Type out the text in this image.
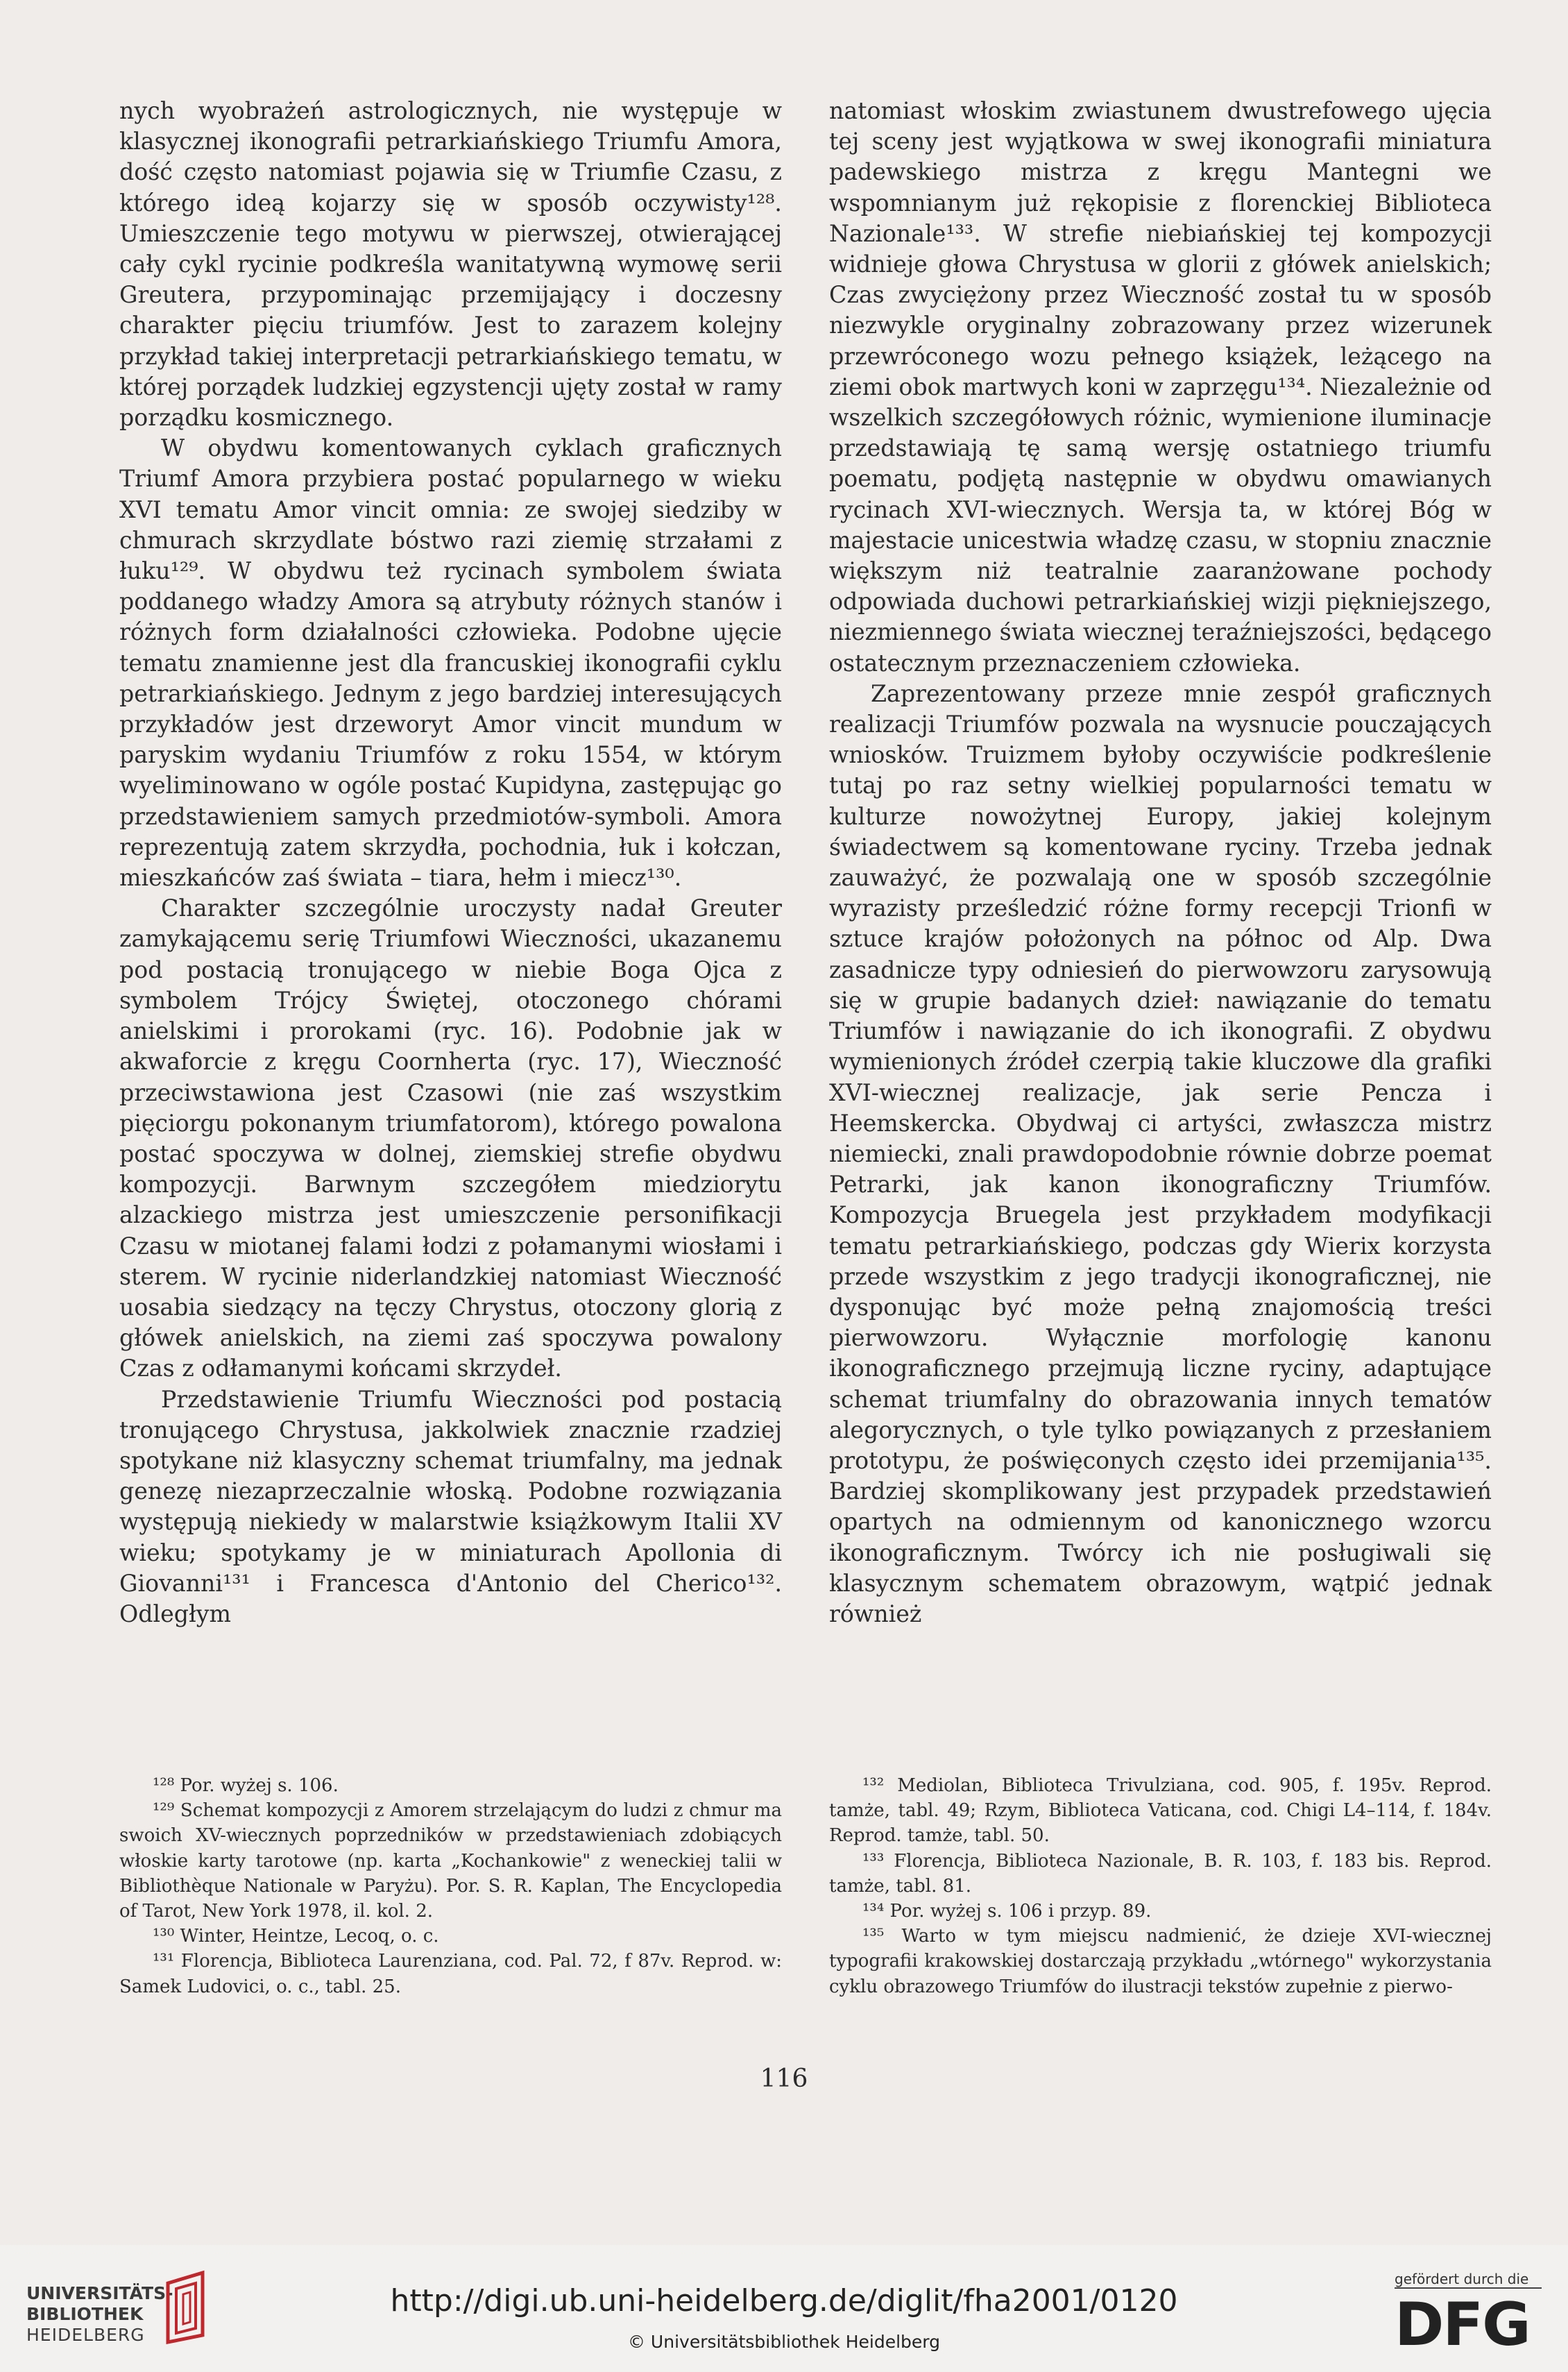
nych wyobrażeń astrologicznych, nie występuje w klasycznej ikonografii petrarkiańskiego Triumfu Amora, dość często natomiast pojawia się w Triumfie Czasu, z którego ideą kojarzy się w sposób oczywisty¹²⁸. Umieszczenie tego motywu w pierwszej, otwierającej cały cykl rycinie podkreśla wanitatywną wymowę serii Greutera, przypominając przemijający i doczesny charakter pięciu triumfów. Jest to zarazem kolejny przykład takiej interpretacji petrarkiańskiego tematu, w której porządek ludzkiej egzystencji ujęty został w ramy porządku kosmicznego.

W obydwu komentowanych cyklach graficznych Triumf Amora przybiera postać popularnego w wieku XVI tematu Amor vincit omnia: ze swojej siedziby w chmurach skrzydlate bóstwo razi ziemię strzałami z łuku¹²⁹. W obydwu też rycinach symbolem świata poddanego władzy Amora są atrybuty różnych stanów i różnych form działalności człowieka. Podobne ujęcie tematu znamienne jest dla francuskiej ikonografii cyklu petrarkiańskiego. Jednym z jego bardziej interesujących przykładów jest drzeworyt Amor vincit mundum w paryskim wydaniu Triumfów z roku 1554, w którym wyeliminowano w ogóle postać Kupidyna, zastępując go przedstawieniem samych przedmiotów-symboli. Amora reprezentują zatem skrzydła, pochodnia, łuk i kołczan, mieszkańców zaś świata – tiara, hełm i miecz¹³⁰.

Charakter szczególnie uroczysty nadał Greuter zamykającemu serię Triumfowi Wieczności, ukazanemu pod postacią tronującego w niebie Boga Ojca z symbolem Trójcy Świętej, otoczonego chórami anielskimi i prorokami (ryc. 16). Podobnie jak w akwaforcie z kręgu Coornherta (ryc. 17), Wieczność przeciwstawiona jest Czasowi (nie zaś wszystkim pięciorgu pokonanym triumfatorom), którego powalona postać spoczywa w dolnej, ziemskiej strefie obydwu kompozycji. Barwnym szczegółem miedziorytu alzackiego mistrza jest umieszczenie personifikacji Czasu w miotanej falami łodzi z połamanymi wiosłami i sterem. W rycinie niderlandzkiej natomiast Wieczność uosabia siedzący na tęczy Chrystus, otoczony glorią z główek anielskich, na ziemi zaś spoczywa powalony Czas z odłamanymi końcami skrzydeł.

Przedstawienie Triumfu Wieczności pod postacią tronującego Chrystusa, jakkolwiek znacznie rzadziej spotykane niż klasyczny schemat triumfalny, ma jednak genezę niezaprzeczalnie włoską. Podobne rozwiązania występują niekiedy w malarstwie książkowym Italii XV wieku; spotykamy je w miniaturach Apollonia di Giovanni¹³¹ i Francesca d'Antonio del Cherico¹³². Odległym

natomiast włoskim zwiastunem dwustrefowego ujęcia tej sceny jest wyjątkowa w swej ikonografii miniatura padewskiego mistrza z kręgu Mantegni we wspomnianym już rękopisie z florenckiej Biblioteca Nazionale¹³³. W strefie niebiańskiej tej kompozycji widnieje głowa Chrystusa w glorii z główek anielskich; Czas zwyciężony przez Wieczność został tu w sposób niezwykle oryginalny zobrazowany przez wizerunek przewróconego wozu pełnego książek, leżącego na ziemi obok martwych koni w zaprzęgu¹³⁴. Niezależnie od wszelkich szczegółowych różnic, wymienione iluminacje przedstawiają tę samą wersję ostatniego triumfu poematu, podjętą następnie w obydwu omawianych rycinach XVI-wiecznych. Wersja ta, w której Bóg w majestacie unicestwia władzę czasu, w stopniu znacznie większym niż teatralnie zaaranżowane pochody odpowiada duchowi petrarkiańskiej wizji piękniejszego, niezmiennego świata wiecznej teraźniejszości, będącego ostatecznym przeznaczeniem człowieka.

Zaprezentowany przeze mnie zespół graficznych realizacji Triumfów pozwala na wysnucie pouczających wniosków. Truizmem byłoby oczywiście podkreślenie tutaj po raz setny wielkiej popularności tematu w kulturze nowożytnej Europy, jakiej kolejnym świadectwem są komentowane ryciny. Trzeba jednak zauważyć, że pozwalają one w sposób szczególnie wyrazisty prześledzić różne formy recepcji Trionfi w sztuce krajów położonych na północ od Alp. Dwa zasadnicze typy odniesień do pierwowzoru zarysowują się w grupie badanych dzieł: nawiązanie do tematu Triumfów i nawiązanie do ich ikonografii. Z obydwu wymienionych źródeł czerpią takie kluczowe dla grafiki XVI-wiecznej realizacje, jak serie Pencza i Heemskercka. Obydwaj ci artyści, zwłaszcza mistrz niemiecki, znali prawdopodobnie równie dobrze poemat Petrarki, jak kanon ikonograficzny Triumfów. Kompozycja Bruegela jest przykładem modyfikacji tematu petrarkiańskiego, podczas gdy Wierix korzysta przede wszystkim z jego tradycji ikonograficznej, nie dysponując być może pełną znajomością treści pierwowzoru. Wyłącznie morfologię kanonu ikonograficznego przejmują liczne ryciny, adaptujące schemat triumfalny do obrazowania innych tematów alegorycznych, o tyle tylko powiązanych z przesłaniem prototypu, że poświęconych często idei przemijania¹³⁵. Bardziej skomplikowany jest przypadek przedstawień opartych na odmiennym od kanonicznego wzorcu ikonograficznym. Twórcy ich nie posługiwali się klasycznym schematem obrazowym, wątpić jednak również

¹²⁸ Por. wyżej s. 106.

¹²⁹ Schemat kompozycji z Amorem strzelającym do ludzi z chmur ma swoich XV-wiecznych poprzedników w przedstawieniach zdobiących włoskie karty tarotowe (np. karta „Kochankowie" z weneckiej talii w Bibliothèque Nationale w Paryżu). Por. S. R. Kaplan, The Encyclopedia of Tarot, New York 1978, il. kol. 2.

¹³⁰ Winter, Heintze, Lecoq, o. c.

¹³¹ Florencja, Biblioteca Laurenziana, cod. Pal. 72, f 87v. Reprod. w: Samek Ludovici, o. c., tabl. 25.

¹³² Mediolan, Biblioteca Trivulziana, cod. 905, f. 195v. Reprod. tamże, tabl. 49; Rzym, Biblioteca Vaticana, cod. Chigi L4–114, f. 184v. Reprod. tamże, tabl. 50.

¹³³ Florencja, Biblioteca Nazionale, B. R. 103, f. 183 bis. Reprod. tamże, tabl. 81.

¹³⁴ Por. wyżej s. 106 i przyp. 89.

¹³⁵ Warto w tym miejscu nadmienić, że dzieje XVI-wiecznej typografii krakowskiej dostarczają przykładu „wtórnego" wykorzystania cyklu obrazowego Triumfów do ilustracji tekstów zupełnie z pierwo-

116
UNIVERSITÄTS-
BIBLIOTHEK
HEIDELBERG
http://digi.ub.uni-heidelberg.de/diglit/fha2001/0120
© Universitätsbibliothek Heidelberg
gefördert durch die
DFG
